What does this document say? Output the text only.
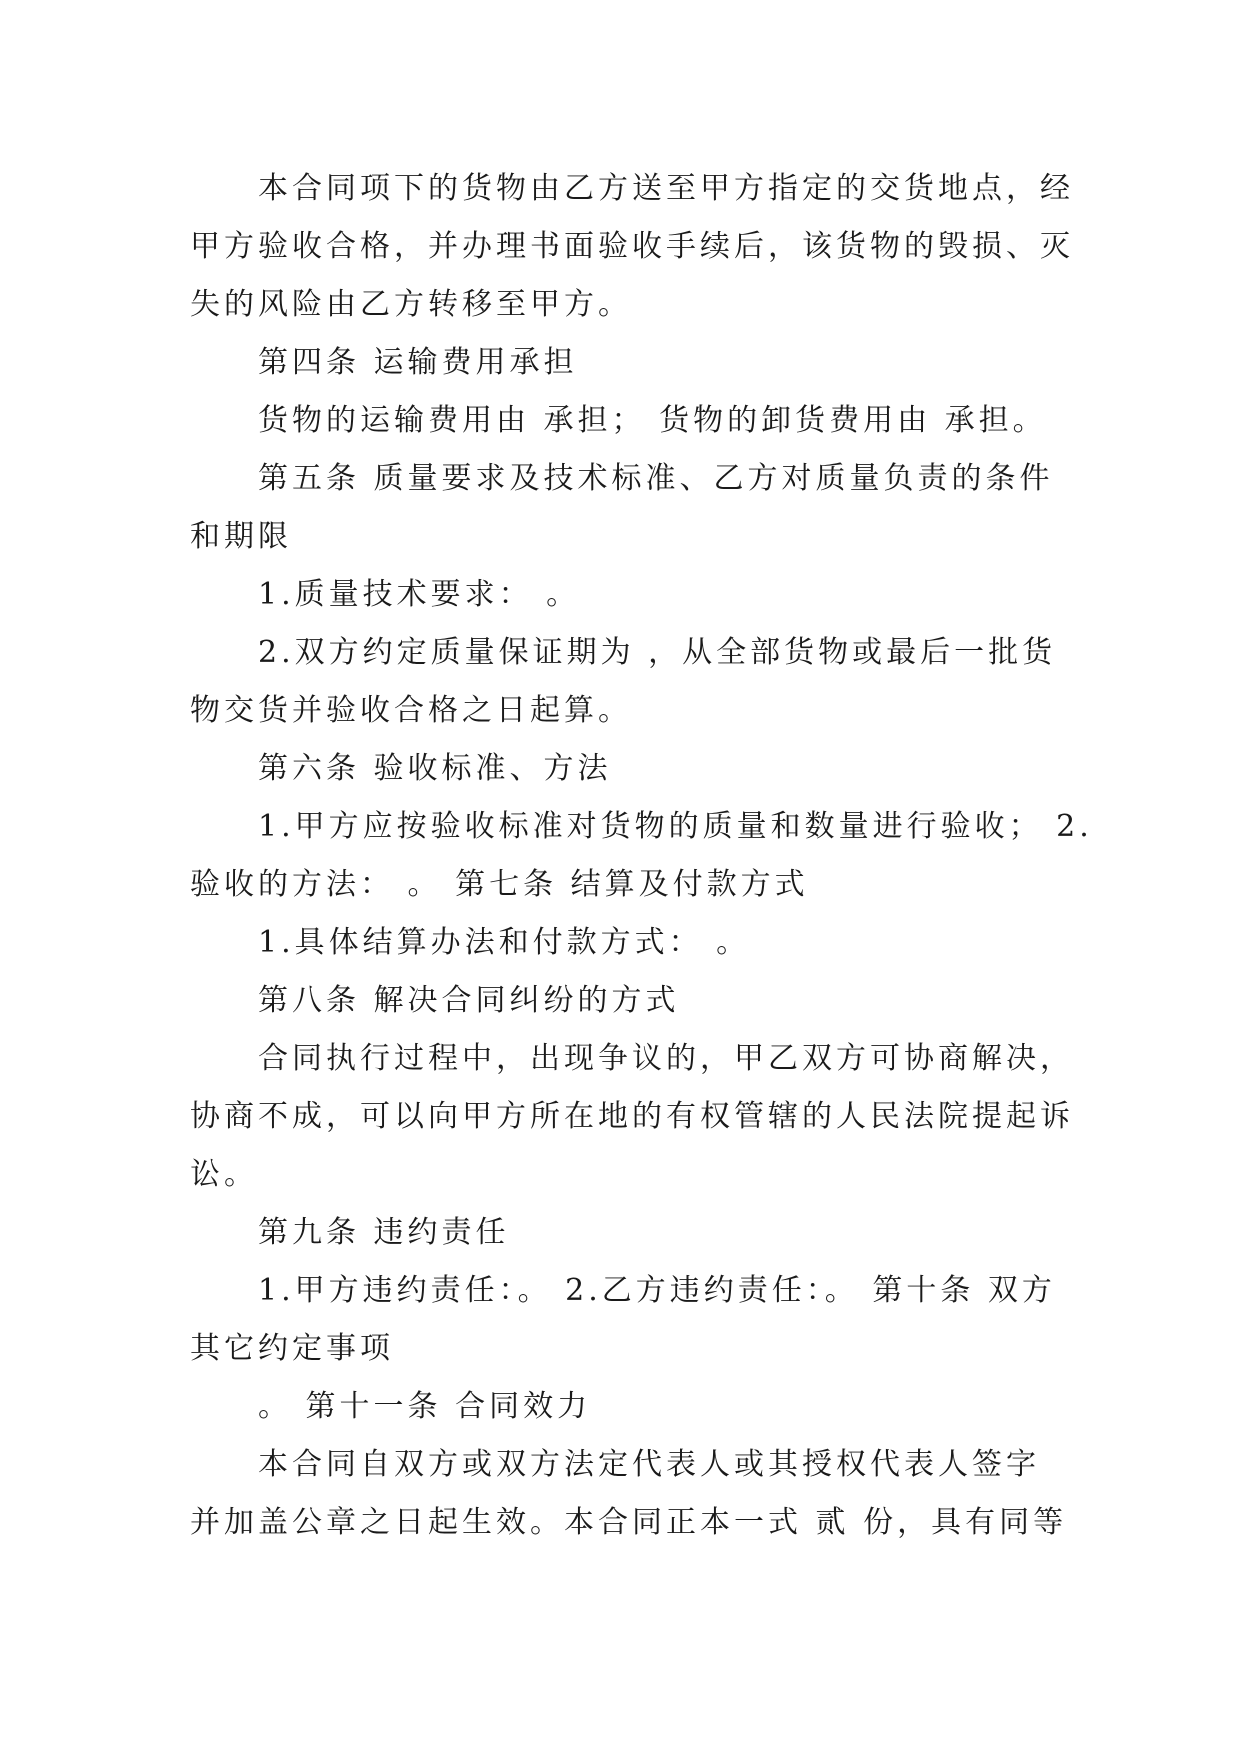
本合同项下的货物由乙方送至甲方指定的交货地点，经
甲方验收合格，并办理书面验收手续后，该货物的毁损、灭
失的风险由乙方转移至甲方。
第四条 运输费用承担
货物的运输费用由 承担； 货物的卸货费用由 承担。
第五条 质量要求及技术标准、乙方对质量负责的条件
和期限
1.质量技术要求： 。
2.双方约定质量保证期为 ，从全部货物或最后一批货
物交货并验收合格之日起算。
第六条 验收标准、方法
1.甲方应按验收标准对货物的质量和数量进行验收； 2.
验收的方法： 。 第七条 结算及付款方式
1.具体结算办法和付款方式： 。
第八条 解决合同纠纷的方式
合同执行过程中，出现争议的，甲乙双方可协商解决，
协商不成，可以向甲方所在地的有权管辖的人民法院提起诉
讼。
第九条 违约责任
1.甲方违约责任：。 2.乙方违约责任：。 第十条 双方
其它约定事项
。 第十一条 合同效力
本合同自双方或双方法定代表人或其授权代表人签字
并加盖公章之日起生效。本合同正本一式 贰 份，具有同等
